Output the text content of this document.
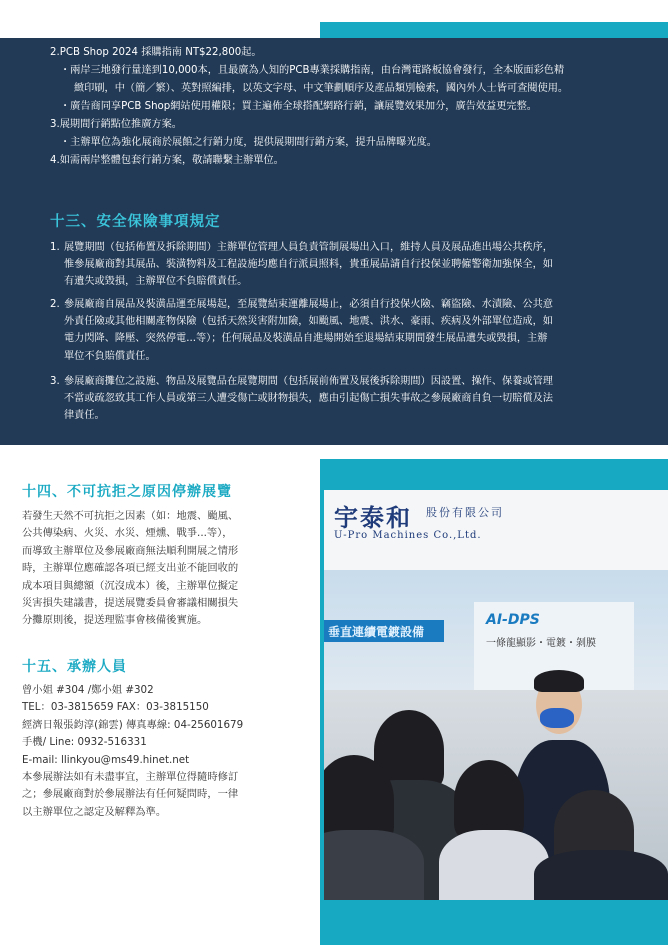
2.PCB Shop 2024 採購指南 NT$22,800起。
・兩岸三地發行量達到10,000本，且最廣為人知的PCB專業採購指南，由台灣電路板協會發行，全本版面彩色精
緻印刷，中（簡／繁）、英對照編排，以英文字母、中文筆劃順序及產品類別檢索，國內外人士皆可查閱使用。
・廣告商同享PCB Shop網站使用權限；買主遍佈全球搭配網路行銷，讓展覽效果加分，廣告效益更完整。
3.展期間行銷點位推廣方案。
・主辦單位為強化展商於展館之行銷力度，提供展期間行銷方案，提升品牌曝光度。
4.如需兩岸整體包套行銷方案，敬請聯繫主辦單位。
十三、安全保險事項規定
1. 展覽期間（包括佈置及拆除期間）主辦單位管理人員負責管制展場出入口，維持人員及展品進出場公共秩序，
惟參展廠商對其展品、裝潢物料及工程設施均應自行派員照料，貴重展品請自行投保並聘僱警衛加強保全，如
有遺失或毀損，主辦單位不負賠償責任。
2. 參展廠商自展品及裝潢品運至展場起，至展覽結束運離展場止，必須自行投保火險、竊盜險、水漬險、公共意
外責任險或其他相關產物保險（包括天然災害附加險，如颱風、地震、洪水、豪雨、疾病及外部單位造成，如
電力閃降、降壓、突然停電...等）；任何展品及裝潢品自進場開始至退場結束期間發生展品遺失或毀損，主辦
單位不負賠償責任。
3. 參展廠商攤位之設施、物品及展覽品在展覽期間（包括展前佈置及展後拆除期間）因設置、操作、保養或管理
不當或疏忽致其工作人員或第三人遭受傷亡或財物損失，應由引起傷亡損失事故之參展廠商自負一切賠償及法
律責任。
十四、不可抗拒之原因停辦展覽
若發生天然不可抗拒之因素（如：地震、颱風、
公共傳染病、火災、水災、煙燻、戰爭...等），
而導致主辦單位及參展廠商無法順利開展之情形
時，主辦單位應確認各項已經支出並不能回收的
成本項目與總額（沉沒成本）後，主辦單位擬定
災害損失建議書，提送展覽委員會審議相關損失
分攤原則後，提送理監事會核備後實施。
十五、承辦人員
曾小姐 #304 /鄭小姐 #302
TEL：03-3815659 FAX：03-3815150
經濟日報張鈞淳(錦雲) 傳真專線: 04-25601679
手機/ Line: 0932-516331
E-mail: llinkyou@ms49.hinet.net
本參展辦法如有未盡事宜，主辦單位得隨時修訂
之；參展廠商對於參展辦法有任何疑問時，一律
以主辦單位之認定及解釋為準。
宇泰和 股份有限公司
U-Pro Machines Co.,Ltd.
垂直連續電鍍設備
AI-DPS
一條龍顯影・電鍍・剝膜
